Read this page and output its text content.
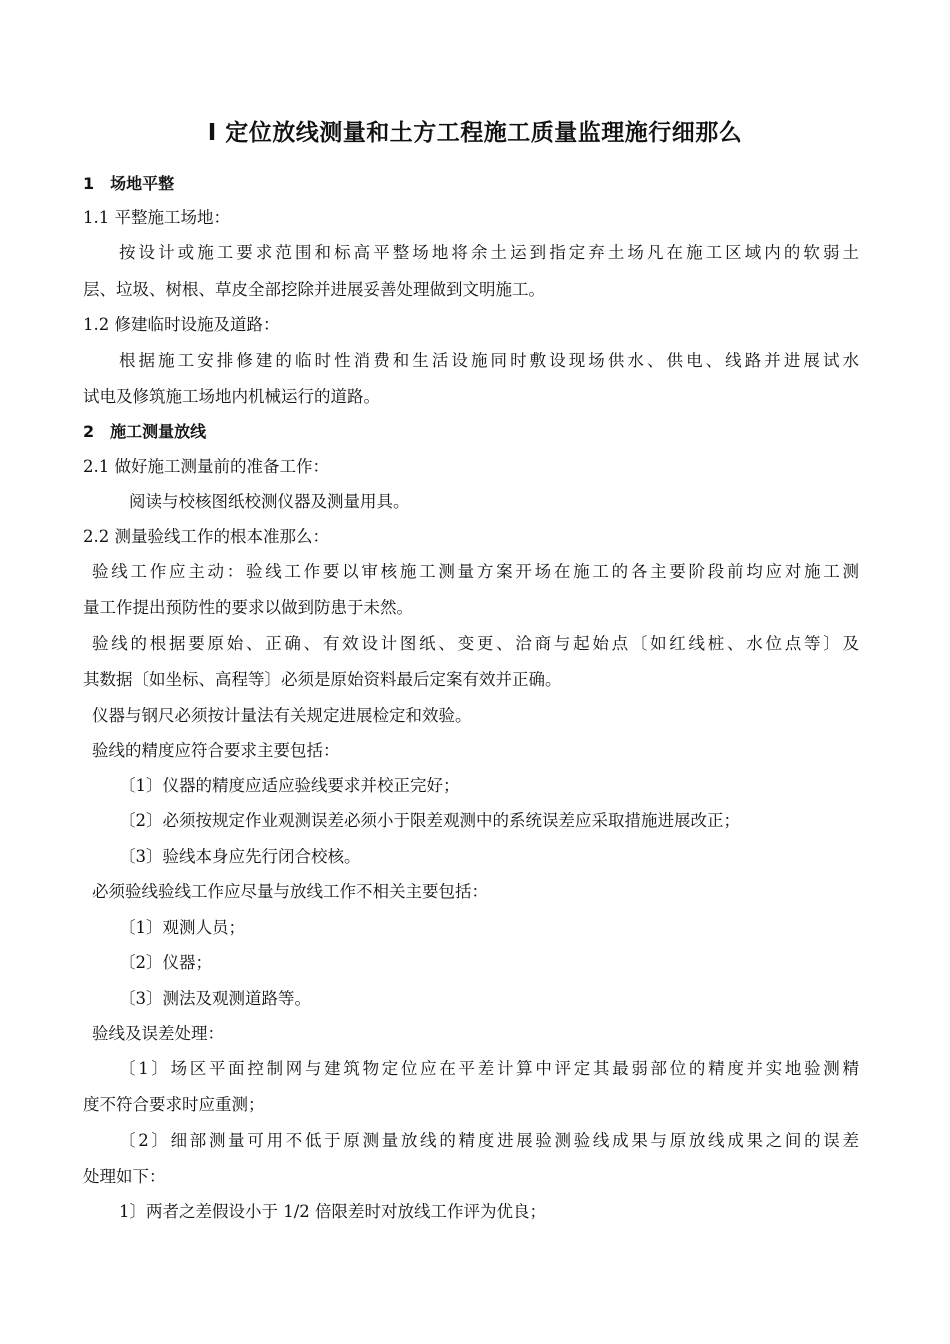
Ⅰ 定位放线测量和土方工程施工质量监理施行细那么
1　场地平整
1.1 平整施工场地：
按设计或施工要求范围和标高平整场地将余土运到指定弃土场凡在施工区域内的软弱土
层、垃圾、树根、草皮全部挖除并进展妥善处理做到文明施工。
1.2 修建临时设施及道路：
根据施工安排修建的临时性消费和生活设施同时敷设现场供水、供电、线路并进展试水
试电及修筑施工场地内机械运行的道路。
2　施工测量放线
2.1 做好施工测量前的准备工作：
阅读与校核图纸校测仪器及测量用具。
2.2 测量验线工作的根本准那么：
验线工作应主动：验线工作要以审核施工测量方案开场在施工的各主要阶段前均应对施工测
量工作提出预防性的要求以做到防患于未然。
验线的根据要原始、正确、有效设计图纸、变更、洽商与起始点〔如红线桩、水位点等〕及
其数据〔如坐标、高程等〕必须是原始资料最后定案有效并正确。
仪器与钢尺必须按计量法有关规定进展检定和效验。
验线的精度应符合要求主要包括：
〔1〕仪器的精度应适应验线要求并校正完好；
〔2〕必须按规定作业观测误差必须小于限差观测中的系统误差应采取措施进展改正；
〔3〕验线本身应先行闭合校核。
必须验线验线工作应尽量与放线工作不相关主要包括：
〔1〕观测人员；
〔2〕仪器；
〔3〕测法及观测道路等。
验线及误差处理：
〔1〕场区平面控制网与建筑物定位应在平差计算中评定其最弱部位的精度并实地验测精
度不符合要求时应重测；
〔2〕细部测量可用不低于原测量放线的精度进展验测验线成果与原放线成果之间的误差
处理如下：
1〕两者之差假设小于 1/2 倍限差时对放线工作评为优良；
